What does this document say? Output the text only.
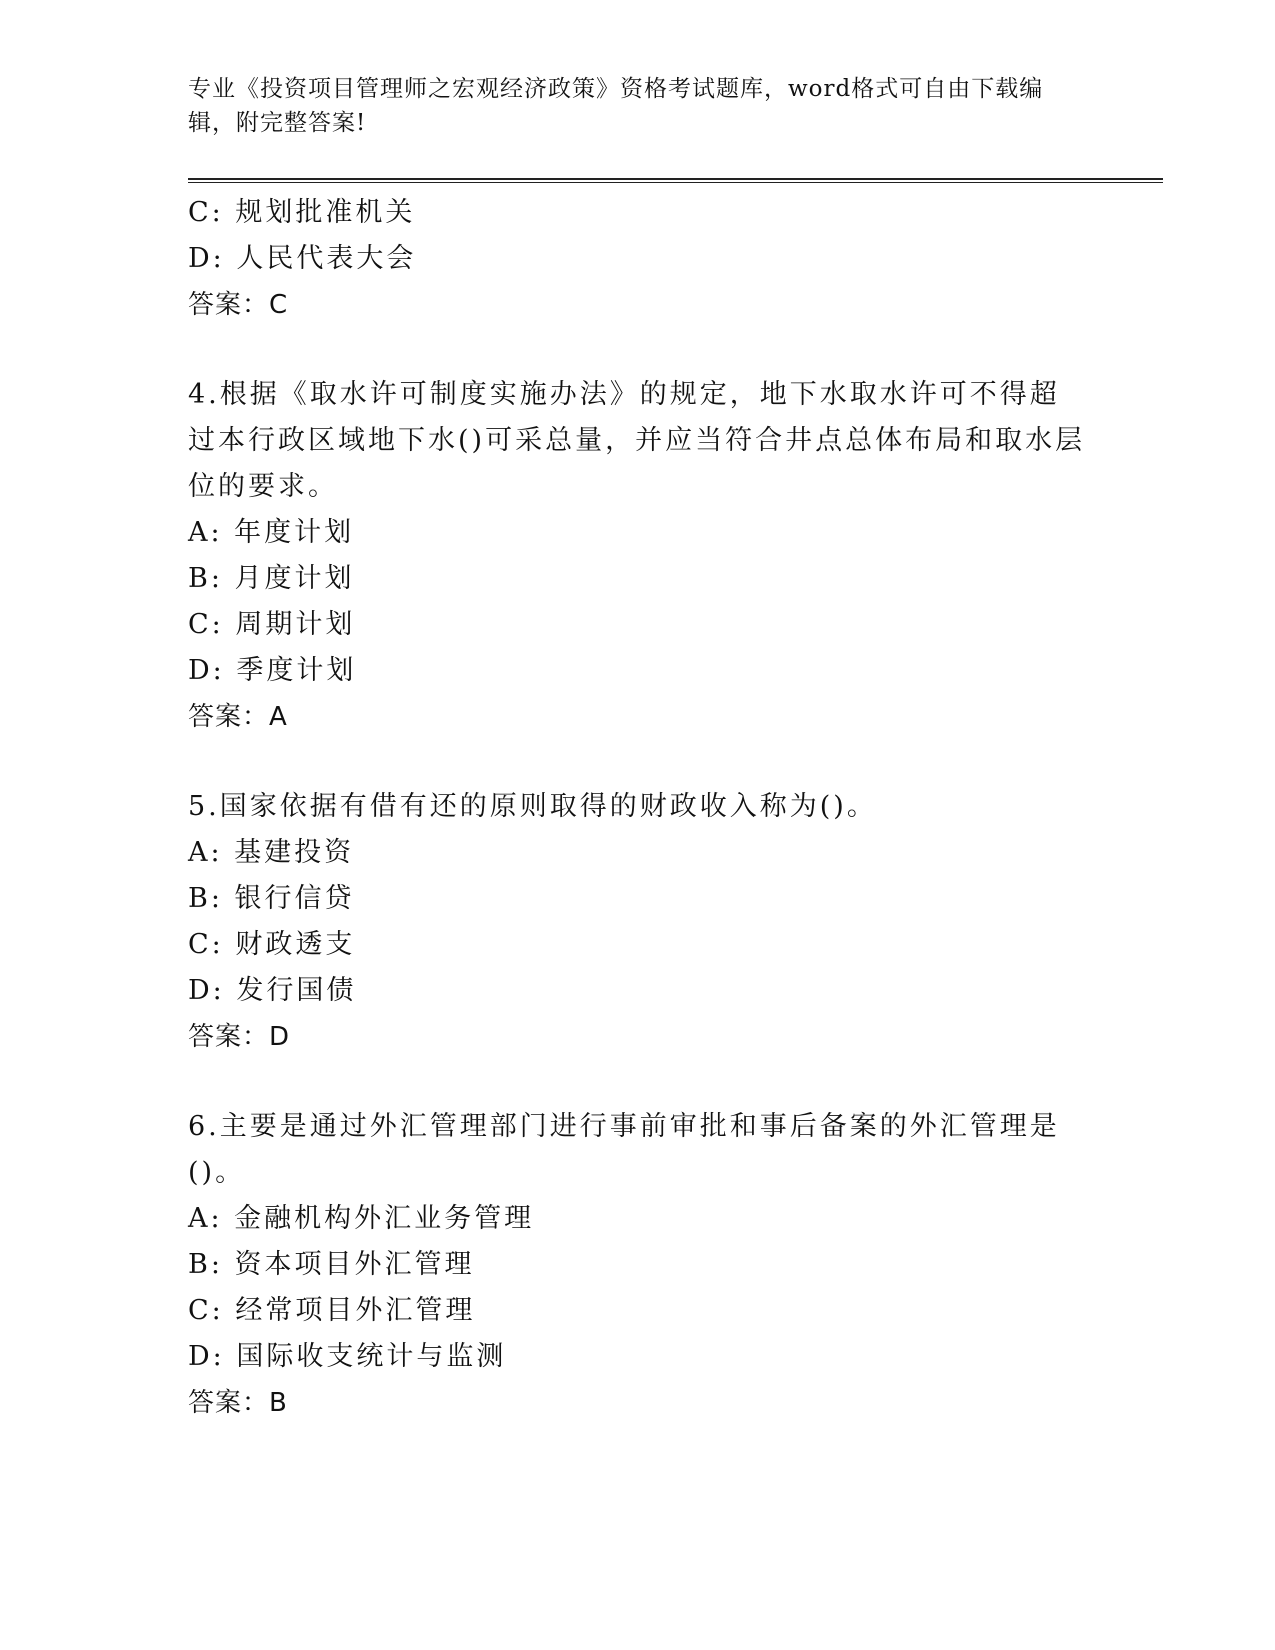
专业《投资项目管理师之宏观经济政策》资格考试题库，word格式可自由下载编辑，附完整答案!
C: 规划批准机关
D: 人民代表大会
答案：C
4.根据《取水许可制度实施办法》的规定，地下水取水许可不得超过本行政区域地下水()可采总量，并应当符合井点总体布局和取水层位的要求。
A: 年度计划
B: 月度计划
C: 周期计划
D: 季度计划
答案：A
5.国家依据有借有还的原则取得的财政收入称为()。
A: 基建投资
B: 银行信贷
C: 财政透支
D: 发行国债
答案：D
6.主要是通过外汇管理部门进行事前审批和事后备案的外汇管理是()。
A: 金融机构外汇业务管理
B: 资本项目外汇管理
C: 经常项目外汇管理
D: 国际收支统计与监测
答案：B
